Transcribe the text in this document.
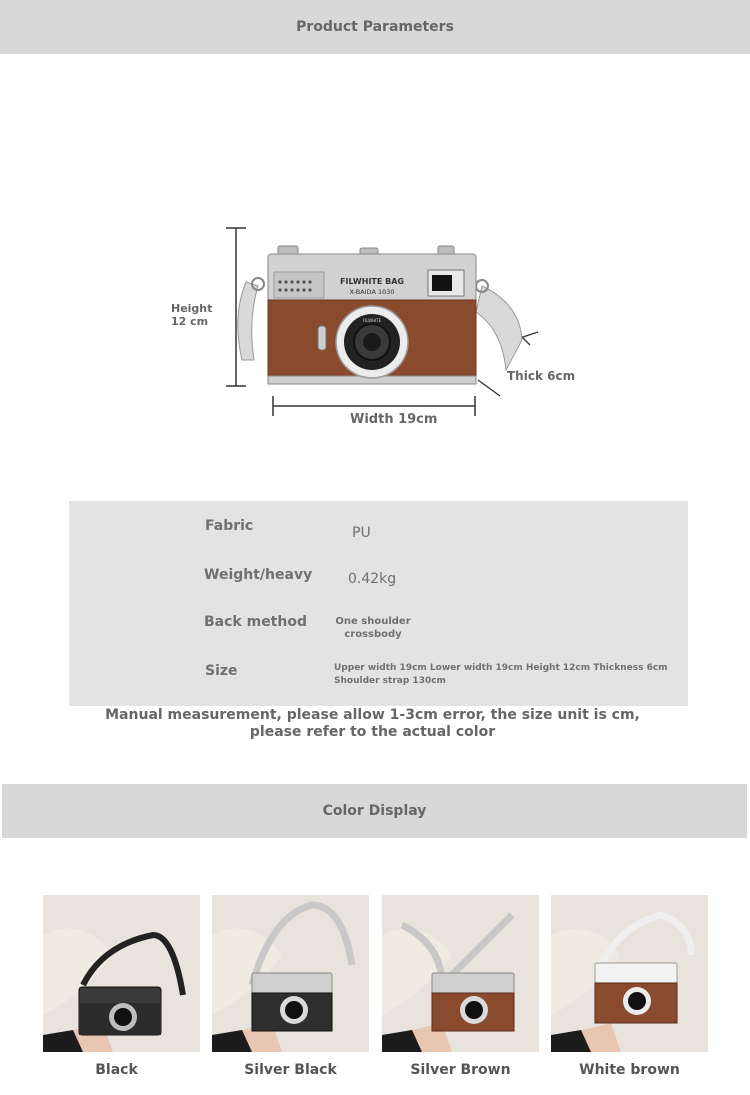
Product Parameters
FILWHITE BAG
X-BAIDA 1030
FILWHITE
Height 12 cm
Width 19cm
Thick 6cm
Fabric	PU
Weight/heavy	0.42kg
Back method	One shoulder crossbody
Size	Upper width 19cm Lower width 19cm Height 12cm Thickness 6cm Shoulder strap 130cm
Manual measurement, please allow 1-3cm error, the size unit is cm, please refer to the actual color
Color Display
Black	Silver Black	Silver Brown	White brown
